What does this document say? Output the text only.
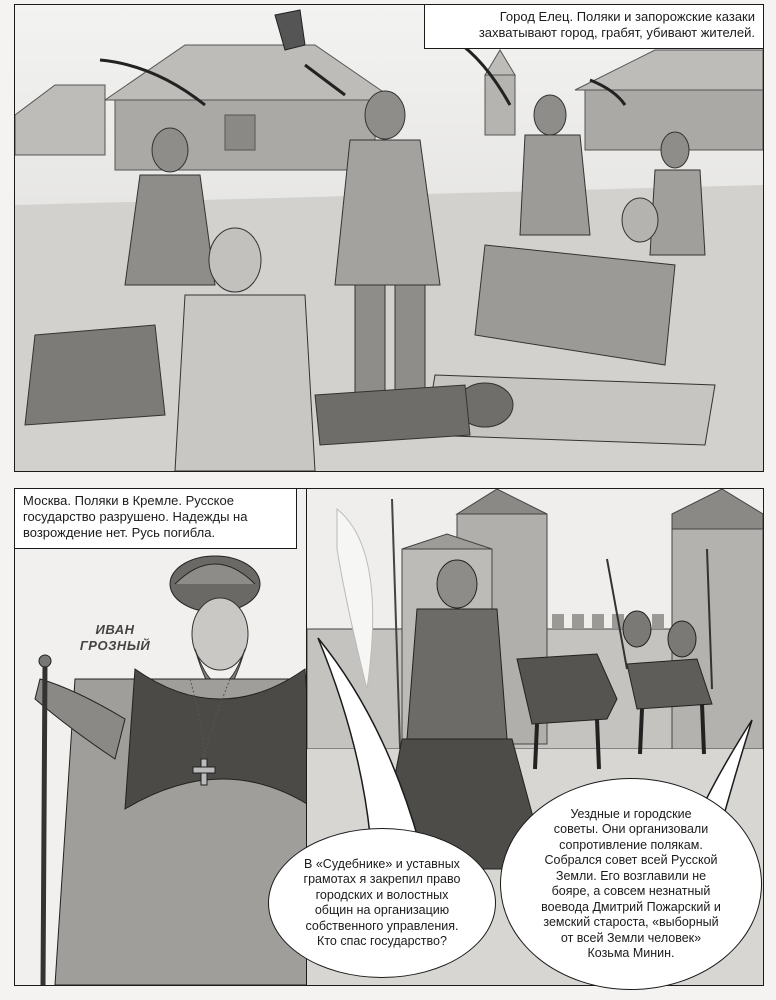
Город Елец. Поляки и запорожские казаки
захватывают город, грабят, убивают жителей.
Москва. Поляки в Кремле. Русское
государство разрушено. Надежды на
возрождение нет. Русь погибла.
ИВАН
ГРОЗНЫЙ
В «Судебнике» и уставных
грамотах я закрепил право
городских и волостных
общин на организацию
собственного управления.
Кто спас государство?
Уездные и городские
советы. Они организовали
сопротивление полякам.
Собрался совет всей Русской
Земли. Его возглавили не
бояре, а совсем незнатный
воевода Дмитрий Пожарский и
земский староста, «выборный
от всей Земли человек»
Козьма Минин.
